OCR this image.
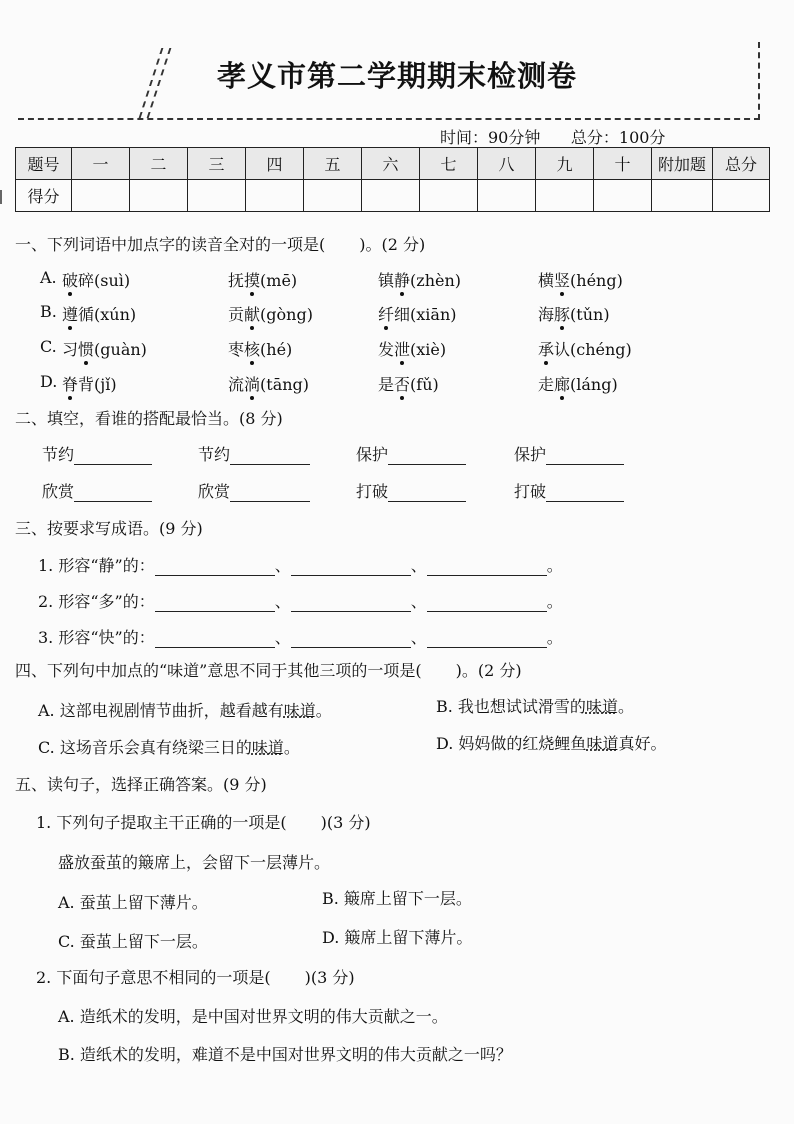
孝义市第二学期期末检测卷
时间：90分钟 总分：100分
题号	一	二	三	四	五	六	七	八	九	十	附加题	总分
得分												
一、下列词语中加点字的读音全对的一项是( )。(2 分)
A. 破碎(suì)	抚摸(mē)	镇静(zhèn)	横竖(héng)
B. 遵循(xún)	贡献(gòng)	纤细(xiān)	海豚(tǔn)
C. 习惯(guàn)	枣核(hé)	发泄(xiè)	承认(chéng)
D. 脊背(jǐ)	流淌(tāng)	是否(fǔ)	走廊(láng)
二、填空，看谁的搭配最恰当。(8 分)
节约	节约	保护	保护
欣赏	欣赏	打破	打破
三、按要求写成语。(9 分)
1. 形容“静”的：	、	、	。
2. 形容“多”的：	、	、	。
3. 形容“快”的：	、	、	。
四、下列句中加点的“味道”意思不同于其他三项的一项是( )。(2 分)
A. 这部电视剧情节曲折，越看越有味道。	B. 我也想试试滑雪的味道。
C. 这场音乐会真有绕梁三日的味道。	D. 妈妈做的红烧鲤鱼味道真好。
五、读句子，选择正确答案。(9 分)
1. 下列句子提取主干正确的一项是( )(3 分)
盛放蚕茧的簸席上，会留下一层薄片。
A. 蚕茧上留下薄片。	B. 簸席上留下一层。
C. 蚕茧上留下一层。	D. 簸席上留下薄片。
2. 下面句子意思不相同的一项是( )(3 分)
A. 造纸术的发明，是中国对世界文明的伟大贡献之一。
B. 造纸术的发明，难道不是中国对世界文明的伟大贡献之一吗？
